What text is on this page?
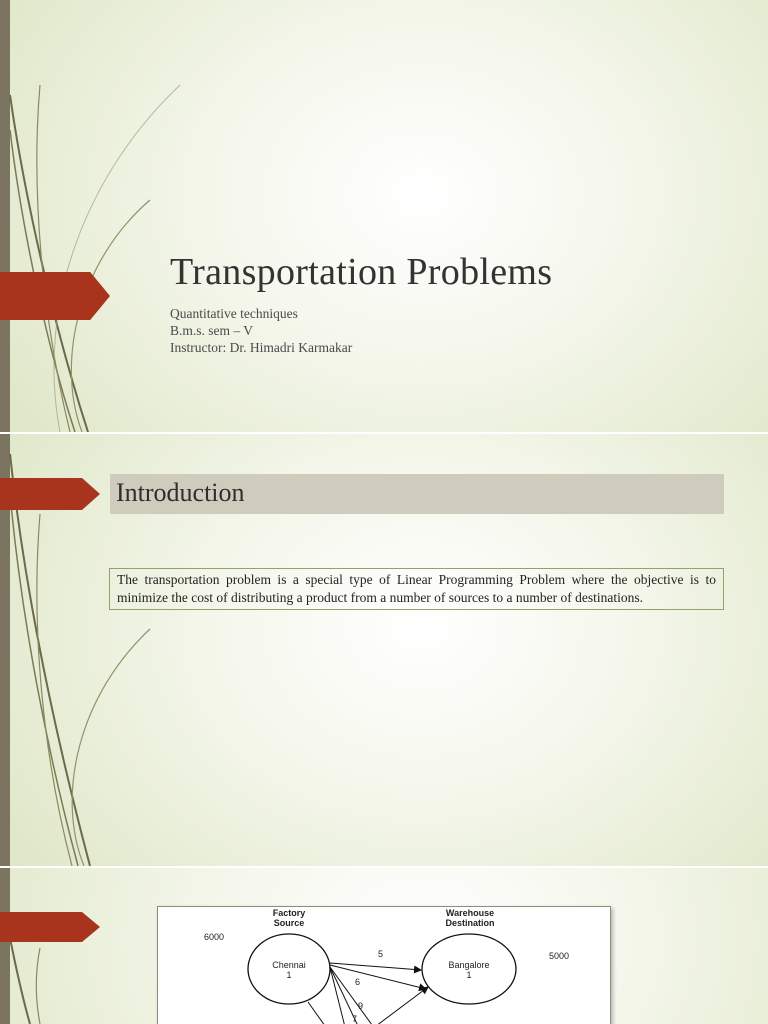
Transportation Problems
Quantitative techniques
B.m.s. sem – V
Instructor: Dr. Himadri Karmakar
Introduction
The transportation problem is a special type of Linear Programming Problem where the objective is to minimize the cost of distributing a product from a number of sources to a number of destinations.
Factory
Source
Warehouse
Destination
6000
5000
Chennai
1
Bangalore
1
5
6
9
7
